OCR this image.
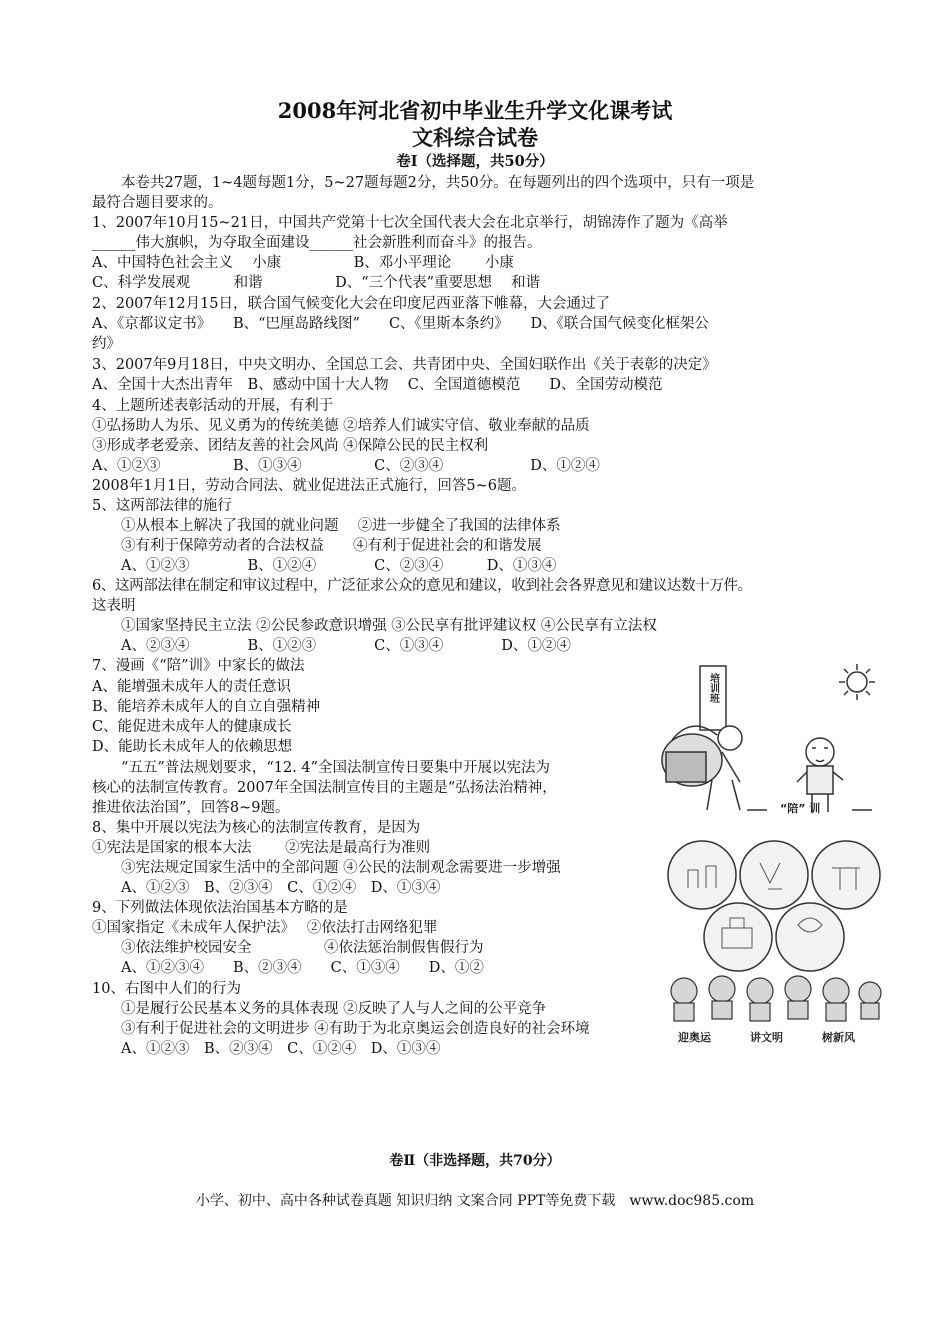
2008年河北省初中毕业生升学文化课考试
文科综合试卷
卷Ⅰ（选择题，共50分）
　　本卷共27题，1~4题每题1分，5~27题每题2分，共50分。在每题列出的四个选项中，只有一项是
最符合题目要求的。
1、2007年10月15~21日，中国共产党第十七次全国代表大会在北京举行，胡锦涛作了题为《高举
______伟大旗帜，为夺取全面建设______社会新胜利而奋斗》的报告。
A、中国特色社会主义　 小康　　　　　B、邓小平理论　　 小康
C、科学发展观　　　和谐　　　　　D、“三个代表”重要思想　 和谐
2、2007年12月15日，联合国气候变化大会在印度尼西亚落下帷幕，大会通过了
A、《京都议定书》　　B、“巴厘岛路线图”　　C、《里斯本条约》　　D、《联合国气候变化框架公
约》
3、2007年9月18日，中央文明办、全国总工会、共青团中央、全国妇联作出《关于表彰的决定》
A、全国十大杰出青年　B、感动中国十大人物　 C、全国道德模范　　D、全国劳动模范
4、上题所述表彰活动的开展，有利于
①弘扬助人为乐、见义勇为的传统美德 ②培养人们诚实守信、敬业奉献的品质
③形成孝老爱亲、团结友善的社会风尚 ④保障公民的民主权利
A、①②③　　　　　B、①③④　　　　　C、②③④　　　　　　D、①②④
2008年1月1日，劳动合同法、就业促进法正式施行，回答5~6题。
5、这两部法律的施行
　　①从根本上解决了我国的就业问题　 ②进一步健全了我国的法律体系
　　③有利于保障劳动者的合法权益　　④有利于促进社会的和谐发展
　　A、①②③　　　　B、①②④　　　　C、②③④　　　D、①③④
6、这两部法律在制定和审议过程中，广泛征求公众的意见和建议，收到社会各界意见和建议达数十万件。
这表明
　　①国家坚持民主立法 ②公民参政意识增强 ③公民享有批评建议权 ④公民享有立法权
　　A、②③④　　　　B、①②③　　　　C、①③④　　　　D、①②④
7、漫画《“陪”训》中家长的做法
A、能增强未成年人的责任意识
B、能培养未成年人的自立自强精神
C、能促进未成年人的健康成长
D、能助长未成年人的依赖思想
　　“五五”普法规划要求，“12. 4”全国法制宣传日要集中开展以宪法为
核心的法制宣传教育。2007年全国法制宣传目的主题是“弘扬法治精神，
推进依法治国”，回答8~9题。
8、集中开展以宪法为核心的法制宣传教育，是因为
①宪法是国家的根本大法　　 ②宪法是最高行为准则
　　③宪法规定国家生活中的全部问题 ④公民的法制观念需要进一步增强
　　A、①②③　B、②③④　C、①②④　D、①③④
9、下列做法体现依法治国基本方略的是
①国家指定《未成年人保护法》　 ②依法打击网络犯罪
　　③依法维护校园安全　　　　　④依法惩治制假售假行为
　　A、①②③④　　B、②③④　　C、①③④　　D、①②
10、右图中人们的行为
　　①是履行公民基本义务的具体表现 ②反映了人与人之间的公平竞争
　　③有利于促进社会的文明进步 ④有助于为北京奥运会创造良好的社会环境
　　A、①②③　B、②③④　C、①②④　D、①③④
培训班
“陪” 训
迎奥运	讲文明	树新风
卷Ⅱ（非选择题，共70分）
小学、初中、高中各种试卷真题 知识归纳 文案合同 PPT等免费下载　www.doc985.com
